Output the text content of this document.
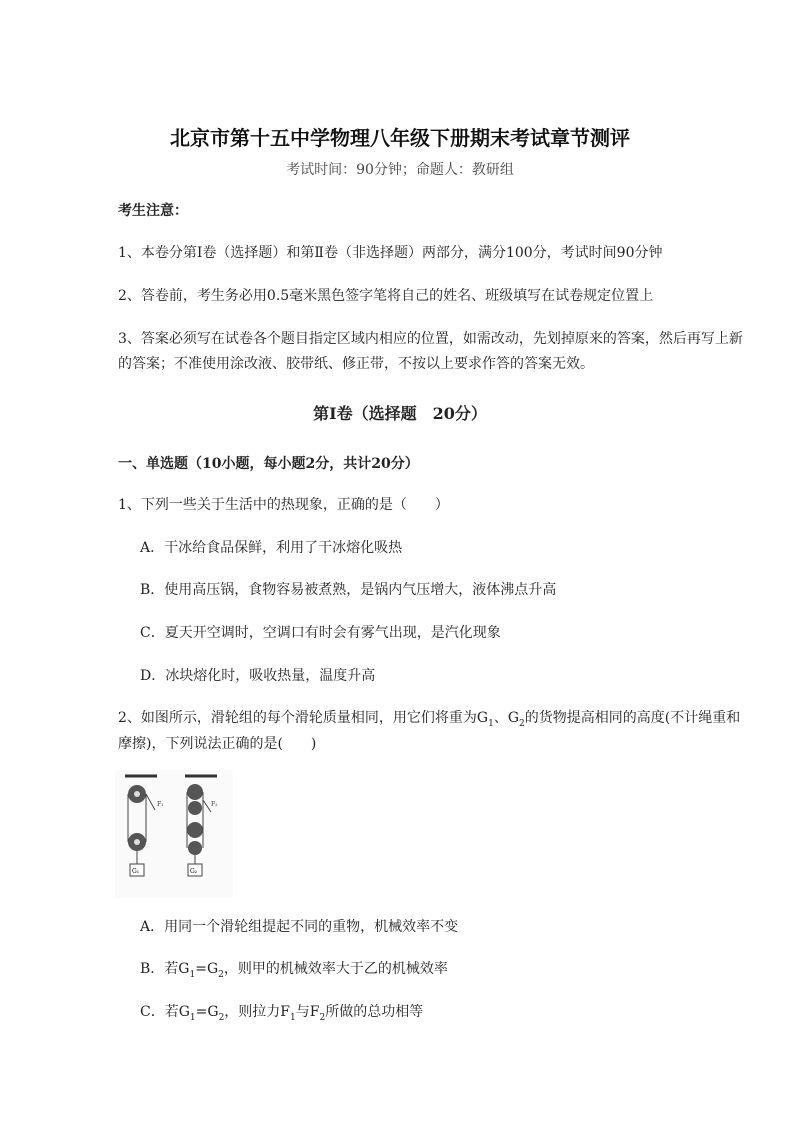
北京市第十五中学物理八年级下册期末考试章节测评
考试时间：90分钟；命题人：教研组
考生注意：
1、本卷分第Ⅰ卷（选择题）和第Ⅱ卷（非选择题）两部分，满分100分，考试时间90分钟
2、答卷前，考生务必用0.5毫米黑色签字笔将自己的姓名、班级填写在试卷规定位置上
3、答案必须写在试卷各个题目指定区域内相应的位置，如需改动，先划掉原来的答案，然后再写上新
的答案；不准使用涂改液、胶带纸、修正带，不按以上要求作答的答案无效。
第Ⅰ卷（选择题　20分）
一、单选题（10小题，每小题2分，共计20分）
1、下列一些关于生活中的热现象，正确的是（　　）
A．干冰给食品保鲜，利用了干冰熔化吸热
B．使用高压锅，食物容易被煮熟，是锅内气压增大，液体沸点升高
C．夏天开空调时，空调口有时会有雾气出现，是汽化现象
D．冰块熔化时，吸收热量，温度升高
2、如图所示，滑轮组的每个滑轮质量相同，用它们将重为$G_1$、$G_2$的货物提高相同的高度(不计绳重和
摩擦)，下列说法正确的是(　　)
F₁
G₁
F₂
G₂
A．用同一个滑轮组提起不同的重物，机械效率不变
B．若$G_1=G_2$，则甲的机械效率大于乙的机械效率
C．若$G_1=G_2$，则拉力$F_1$与$F_2$所做的总功相等
